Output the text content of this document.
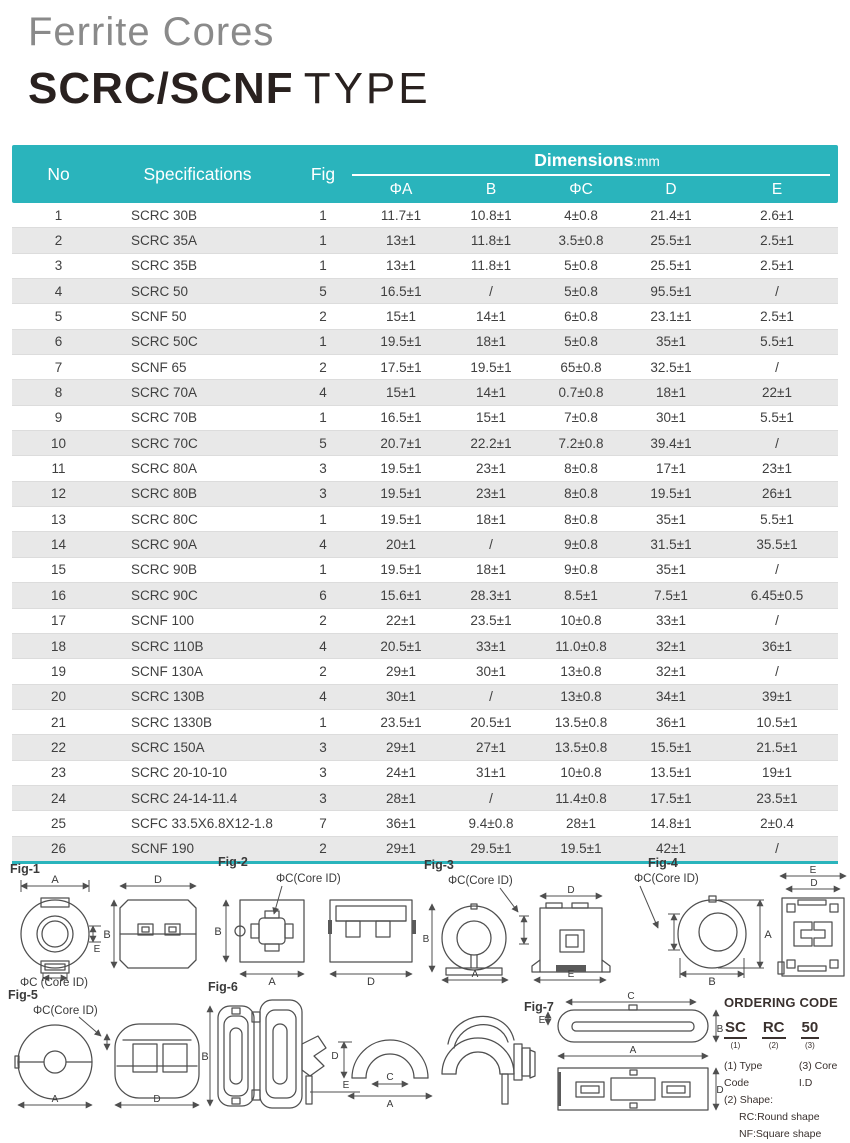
Ferrite Cores
SCRC/SCNF TYPE
No	Specifications	Fig
Dimensions:mm
ΦA	B	ΦC	D	E
1	SCRC 30B	1	11.7±1	10.8±1	4±0.8	21.4±1	2.6±1
2	SCRC 35A	1	13±1	11.8±1	3.5±0.8	25.5±1	2.5±1
3	SCRC 35B	1	13±1	11.8±1	5±0.8	25.5±1	2.5±1
4	SCRC 50	5	16.5±1	/	5±0.8	95.5±1	/
5	SCNF 50	2	15±1	14±1	6±0.8	23.1±1	2.5±1
6	SCRC 50C	1	19.5±1	18±1	5±0.8	35±1	5.5±1
7	SCNF 65	2	17.5±1	19.5±1	65±0.8	32.5±1	/
8	SCRC 70A	4	15±1	14±1	0.7±0.8	18±1	22±1
9	SCRC 70B	1	16.5±1	15±1	7±0.8	30±1	5.5±1
10	SCRC 70C	5	20.7±1	22.2±1	7.2±0.8	39.4±1	/
11	SCRC 80A	3	19.5±1	23±1	8±0.8	17±1	23±1
12	SCRC 80B	3	19.5±1	23±1	8±0.8	19.5±1	26±1
13	SCRC 80C	1	19.5±1	18±1	8±0.8	35±1	5.5±1
14	SCRC 90A	4	20±1	/	9±0.8	31.5±1	35.5±1
15	SCRC 90B	1	19.5±1	18±1	9±0.8	35±1	/
16	SCRC 90C	6	15.6±1	28.3±1	8.5±1	7.5±1	6.45±0.5
17	SCNF 100	2	22±1	23.5±1	10±0.8	33±1	/
18	SCRC 110B	4	20.5±1	33±1	11.0±0.8	32±1	36±1
19	SCNF 130A	2	29±1	30±1	13±0.8	32±1	/
20	SCRC 130B	4	30±1	/	13±0.8	34±1	39±1
21	SCRC 1330B	1	23.5±1	20.5±1	13.5±0.8	36±1	10.5±1
22	SCRC 150A	3	29±1	27±1	13.5±0.8	15.5±1	21.5±1
23	SCRC 20-10-10	3	24±1	31±1	10±0.8	13.5±1	19±1
24	SCRC 24-14-11.4	3	28±1	/	11.4±0.8	17.5±1	23.5±1
25	SCFC 33.5X6.8X12-1.8	7	36±1	9.4±0.8	28±1	14.8±1	2±0.4
26	SCNF 190	2	29±1	29.5±1	19.5±1	42±1	/
Fig-1
A	D
B
E
ΦC (Core ID)
Fig-2
ΦC(Core ID)
B
A	D
Fig-3
ΦC(Core ID)
B
A
D
E
Fig-4
ΦC(Core ID)
A
B
E
D
Fig-5
ΦC(Core ID)
A	D
Fig-6
B
E
D
C
A
Fig-7
C
E
B
A
D
ORDERING CODE
SC
(1)
RC
(2)
50
(3)
(1) Type Code
(3) Core I.D
(2) Shape:
RC:Round shape
NF:Square shape
